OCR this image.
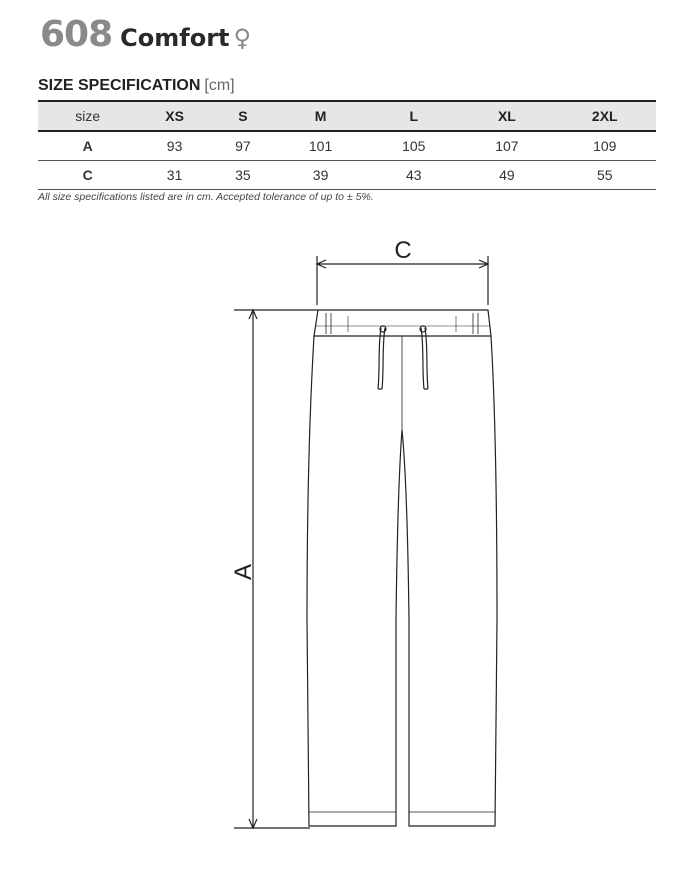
608 Comfort ♀
SIZE SPECIFICATION [cm]
size	XS	S	M	L	XL	2XL
A	93	97	101	105	107	109
C	31	35	39	43	49	55
All size specifications listed are in cm. Accepted tolerance of up to ± 5%.
C
A
